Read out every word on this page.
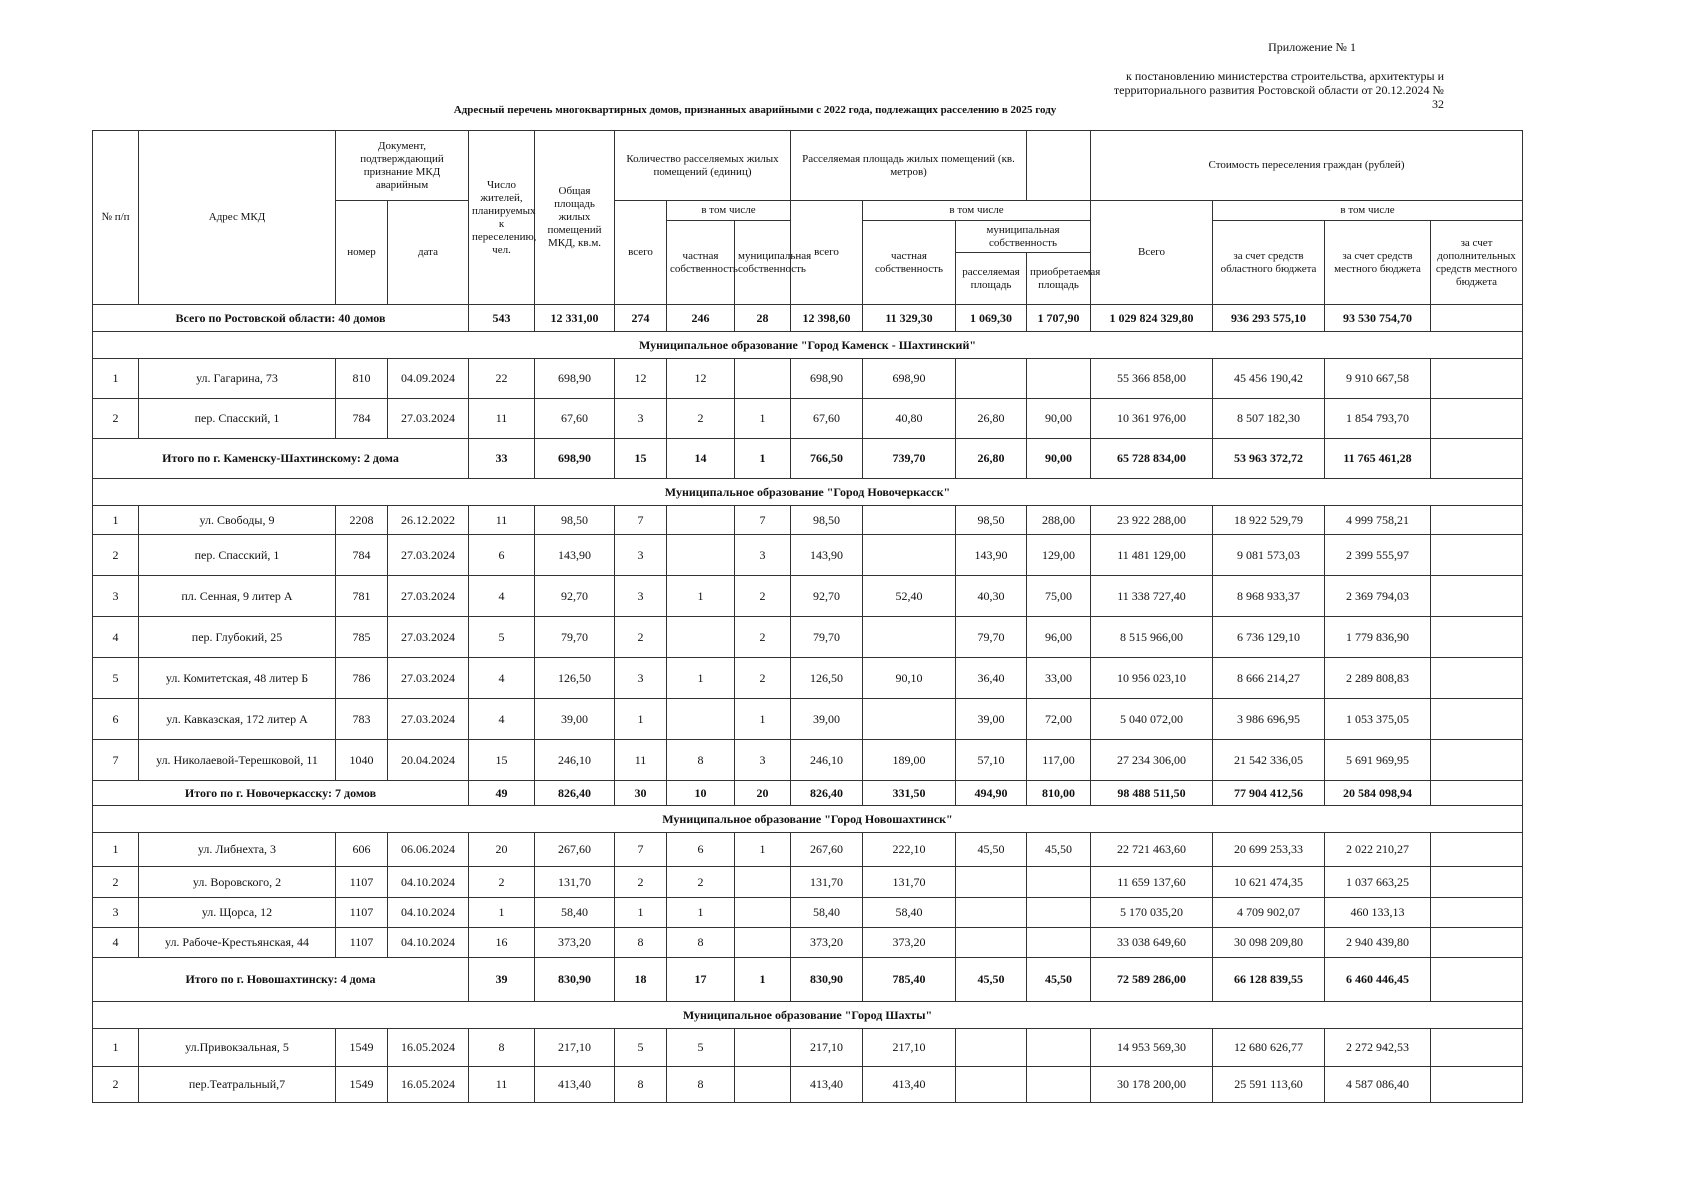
Приложение № 1
к постановлению министерства строительства, архитектуры и
территориального развития Ростовской области от 20.12.2024 № 32
Адресный перечень многоквартирных домов, признанных аварийными с 2022 года, подлежащих расселению в 2025 году
№ п/п	Адрес МКД	Документ, подтверждающий признание МКД аварийным		Число жителей, планируемых к переселению, чел.	Общая площадь жилых помещений МКД, кв.м.	Количество расселяемых жилых помещений (единиц)			Расселяемая площадь жилых помещений (кв. метров)				Стоимость переселения граждан (рублей)			
		номер	дата			всего	в том числе		всего	в том числе			Всего	в том числе		
							частная собственность	муниципальная собственность		частная собственность	муниципальная собственность			за счет средств областного бюджета	за счет средств местного бюджета	за счет дополнительных средств местного бюджета
											расселяемая площадь	приобретаемая площадь				
Всего по Ростовской области: 40 домов				543	12 331,00	274	246	28	12 398,60	11 329,30	1 069,30	1 707,90	1 029 824 329,80	936 293 575,10	93 530 754,70	
Муниципальное образование "Город Каменск - Шахтинский"																
1	ул. Гагарина, 73	810	04.09.2024	22	698,90	12	12		698,90	698,90			55 366 858,00	45 456 190,42	9 910 667,58	
2	пер. Спасский, 1	784	27.03.2024	11	67,60	3	2	1	67,60	40,80	26,80	90,00	10 361 976,00	8 507 182,30	1 854 793,70	
Итого по г. Каменску-Шахтинскому: 2 дома				33	698,90	15	14	1	766,50	739,70	26,80	90,00	65 728 834,00	53 963 372,72	11 765 461,28	
Муниципальное образование "Город Новочеркасск"																
1	ул. Свободы, 9	2208	26.12.2022	11	98,50	7		7	98,50		98,50	288,00	23 922 288,00	18 922 529,79	4 999 758,21	
2	пер. Спасский, 1	784	27.03.2024	6	143,90	3		3	143,90		143,90	129,00	11 481 129,00	9 081 573,03	2 399 555,97	
3	пл. Сенная, 9 литер А	781	27.03.2024	4	92,70	3	1	2	92,70	52,40	40,30	75,00	11 338 727,40	8 968 933,37	2 369 794,03	
4	пер. Глубокий, 25	785	27.03.2024	5	79,70	2		2	79,70		79,70	96,00	8 515 966,00	6 736 129,10	1 779 836,90	
5	ул. Комитетская, 48 литер Б	786	27.03.2024	4	126,50	3	1	2	126,50	90,10	36,40	33,00	10 956 023,10	8 666 214,27	2 289 808,83	
6	ул. Кавказская, 172 литер А	783	27.03.2024	4	39,00	1		1	39,00		39,00	72,00	5 040 072,00	3 986 696,95	1 053 375,05	
7	ул. Николаевой-Терешковой, 11	1040	20.04.2024	15	246,10	11	8	3	246,10	189,00	57,10	117,00	27 234 306,00	21 542 336,05	5 691 969,95	
Итого по г. Новочеркасску: 7 домов				49	826,40	30	10	20	826,40	331,50	494,90	810,00	98 488 511,50	77 904 412,56	20 584 098,94	
Муниципальное образование "Город Новошахтинск"																
1	ул. Либнехта, 3	606	06.06.2024	20	267,60	7	6	1	267,60	222,10	45,50	45,50	22 721 463,60	20 699 253,33	2 022 210,27	
2	ул. Воровского, 2	1107	04.10.2024	2	131,70	2	2		131,70	131,70			11 659 137,60	10 621 474,35	1 037 663,25	
3	ул. Щорса, 12	1107	04.10.2024	1	58,40	1	1		58,40	58,40			5 170 035,20	4 709 902,07	460 133,13	
4	ул. Рабоче-Крестьянская, 44	1107	04.10.2024	16	373,20	8	8		373,20	373,20			33 038 649,60	30 098 209,80	2 940 439,80	
Итого по г. Новошахтинску: 4 дома				39	830,90	18	17	1	830,90	785,40	45,50	45,50	72 589 286,00	66 128 839,55	6 460 446,45	
Муниципальное образование "Город Шахты"																
1	ул.Привокзальная, 5	1549	16.05.2024	8	217,10	5	5		217,10	217,10			14 953 569,30	12 680 626,77	2 272 942,53	
2	пер.Театральный,7	1549	16.05.2024	11	413,40	8	8		413,40	413,40			30 178 200,00	25 591 113,60	4 587 086,40	
